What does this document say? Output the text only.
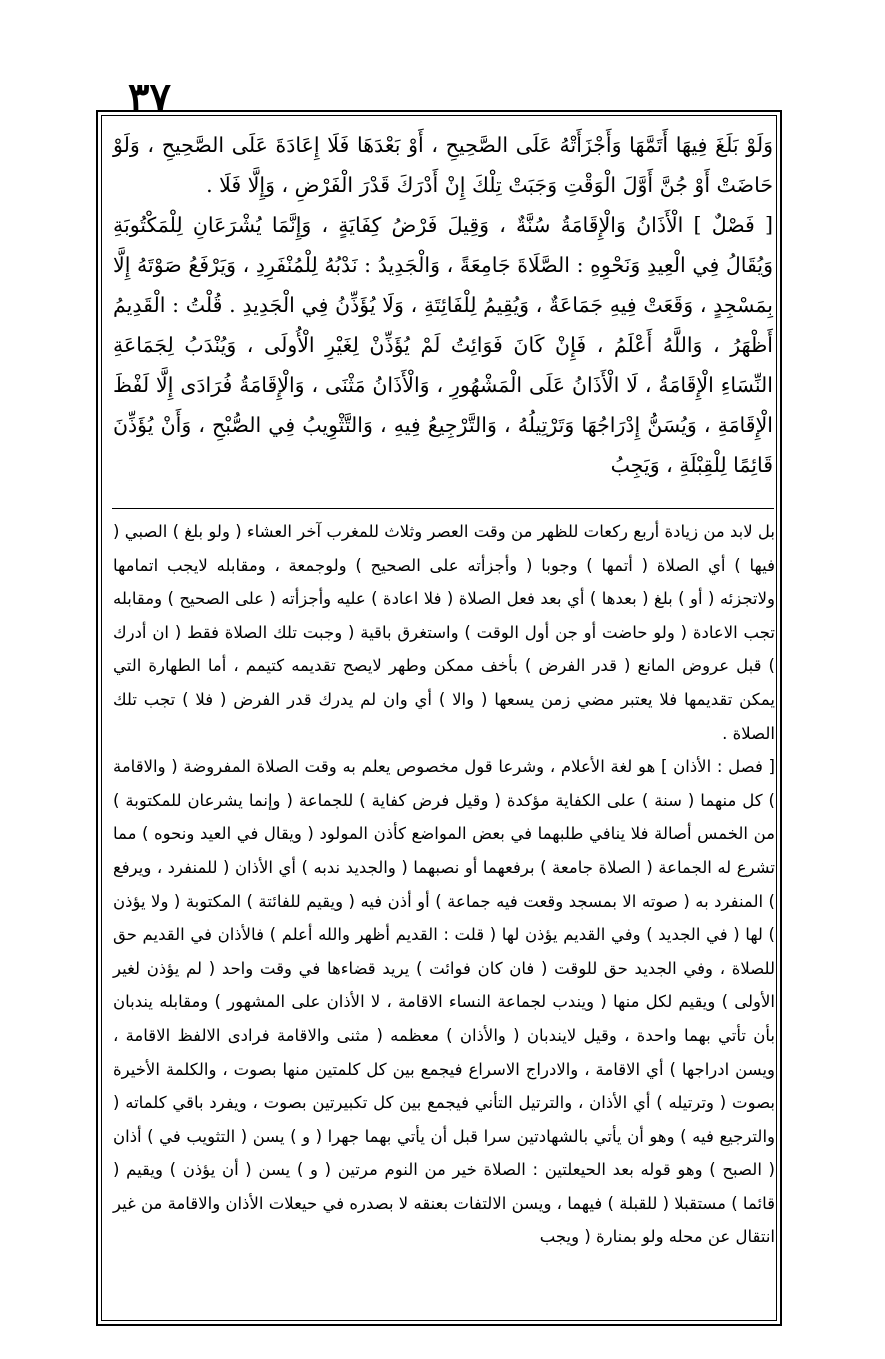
٣٧

وَلَوْ بَلَغَ فِيهَا أَتَمَّهَا وَأَجْزَأَتْهُ عَلَى الصَّحِيحِ ، أَوْ بَعْدَهَا فَلَا إِعَادَةَ عَلَى الصَّحِيحِ ، وَلَوْ حَاضَتْ أَوْ جُنَّ أَوَّلَ الْوَقْتِ وَجَبَتْ تِلْكَ إِنْ أَدْرَكَ قَدْرَ الْفَرْضِ ، وَإِلَّا فَلَا .

[ فَصْلٌ ] الْأَذَانُ وَالْإِقَامَةُ سُنَّةٌ ، وَقِيلَ فَرْضُ كِفَايَةٍ ، وَإِنَّمَا يُشْرَعَانِ لِلْمَكْتُوبَةِ وَيُقَالُ فِي الْعِيدِ وَنَحْوِهِ : الصَّلَاةَ جَامِعَةً ، وَالْجَدِيدُ : نَدْبُهُ لِلْمُنْفَرِدِ ، وَيَرْفَعُ صَوْتَهُ إِلَّا بِمَسْجِدٍ ، وَقَعَتْ فِيهِ جَمَاعَةٌ ، وَيُقِيمُ لِلْفَائِتَةِ ، وَلَا يُؤَذِّنُ فِي الْجَدِيدِ . قُلْتُ : الْقَدِيمُ أَظْهَرُ ، وَاللَّهُ أَعْلَمُ ، فَإِنْ كَانَ فَوَائِتُ لَمْ يُؤَذِّنْ لِغَيْرِ الْأُولَى ، وَيُنْدَبُ لِجَمَاعَةِ النِّسَاءِ الْإِقَامَةُ ، لَا الْأَذَانُ عَلَى الْمَشْهُورِ ، وَالْأَذَانُ مَثْنَى ، وَالْإِقَامَةُ فُرَادَى إِلَّا لَفْظَ الْإِقَامَةِ ، وَيُسَنُّ إِدْرَاجُهَا وَتَرْتِيلُهُ ، وَالتَّرْجِيعُ فِيهِ ، وَالتَّثْوِيبُ فِي الصُّبْحِ ، وَأَنْ يُؤَذِّنَ قَائِمًا لِلْقِبْلَةِ ، وَيَجِبُ

بل لابد من زيادة أربع ركعات للظهر من وقت العصر وثلاث للمغرب آخر العشاء ( ولو بلغ ) الصبي ( فيها ) أي الصلاة ( أتمها ) وجوبا ( وأجزأته على الصحيح ) ولوجمعة ، ومقابله لايجب اتمامها ولاتجزئه ( أو ) بلغ ( بعدها ) أي بعد فعل الصلاة ( فلا اعادة ) عليه وأجزأته ( على الصحيح ) ومقابله تجب الاعادة ( ولو حاضت أو جن أول الوقت ) واستغرق باقية ( وجبت تلك الصلاة فقط ( ان أدرك ) قبل عروض المانع ( قدر الفرض ) بأخف ممكن وطهر لايصح تقديمه كتيمم ، أما الطهارة التي يمكن تقديمها فلا يعتبر مضي زمن يسعها ( والا ) أي وان لم يدرك قدر الفرض ( فلا ) تجب تلك الصلاة .

[ فصل : الأذان ] هو لغة الأعلام ، وشرعا قول مخصوص يعلم به وقت الصلاة المفروضة ( والاقامة ) كل منهما ( سنة ) على الكفاية مؤكدة ( وقيل فرض كفاية ) للجماعة ( وإنما يشرعان للمكتوبة ) من الخمس أصالة فلا ينافي طلبهما في بعض المواضع كأذن المولود ( ويقال في العيد ونحوه ) مما تشرع له الجماعة ( الصلاة جامعة ) برفعهما أو نصبهما ( والجديد ندبه ) أي الأذان ( للمنفرد ، ويرفع ) المنفرد به ( صوته الا بمسجد وقعت فيه جماعة ) أو أذن فيه ( ويقيم للفائتة ) المكتوبة ( ولا يؤذن ) لها ( في الجديد ) وفي القديم يؤذن لها ( قلت : القديم أظهر والله أعلم ) فالأذان في القديم حق للصلاة ، وفي الجديد حق للوقت ( فان كان فوائت ) يريد قضاءها في وقت واحد ( لم يؤذن لغير الأولى ) ويقيم لكل منها ( ويندب لجماعة النساء الاقامة ، لا الأذان على المشهور ) ومقابله يندبان بأن تأتي بهما واحدة ، وقيل لايندبان ( والأذان ) معظمه ( مثنى والاقامة فرادى الالفظ الاقامة ، ويسن ادراجها ) أي الاقامة ، والادراج الاسراع فيجمع بين كل كلمتين منها بصوت ، والكلمة الأخيرة بصوت ( وترتيله ) أي الأذان ، والترتيل التأني فيجمع بين كل تكبيرتين بصوت ، ويفرد باقي كلماته ( والترجيع فيه ) وهو أن يأتي بالشهادتين سرا قبل أن يأتي بهما جهرا ( و ) يسن ( التثويب في ) أذان ( الصبح ) وهو قوله بعد الحيعلتين : الصلاة خير من النوم مرتين ( و ) يسن ( أن يؤذن ) ويقيم ( قائما ) مستقبلا ( للقبلة ) فيهما ، ويسن الالتفات بعنقه لا بصدره في حيعلات الأذان والاقامة من غير انتقال عن محله ولو بمنارة ( ويجب
